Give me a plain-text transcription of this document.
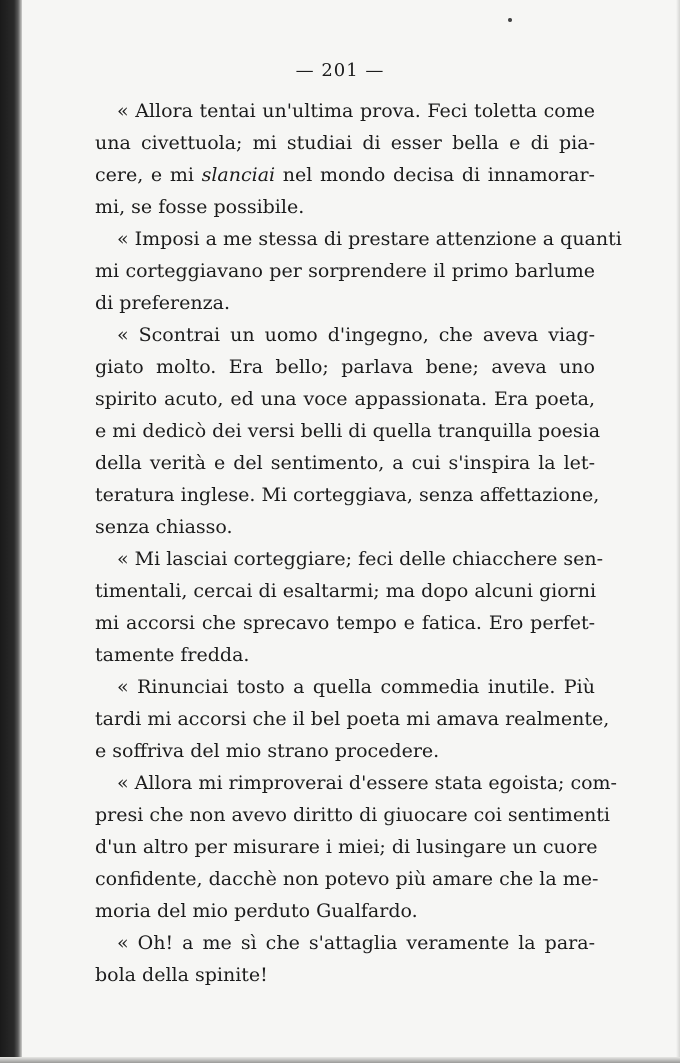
— 201 —
« Allora tentai un'ultima prova. Feci toletta come
una civettuola; mi studiai di esser bella e di pia-
cere, e mi slanciai nel mondo decisa di innamorar-
mi, se fosse possibile.
« Imposi a me stessa di prestare attenzione a quanti
mi corteggiavano per sorprendere il primo barlume
di preferenza.
« Scontrai un uomo d'ingegno, che aveva viag-
giato molto. Era bello; parlava bene; aveva uno
spirito acuto, ed una voce appassionata. Era poeta,
e mi dedicò dei versi belli di quella tranquilla poesia
della verità e del sentimento, a cui s'inspira la let-
teratura inglese. Mi corteggiava, senza affettazione,
senza chiasso.
« Mi lasciai corteggiare; feci delle chiacchere sen-
timentali, cercai di esaltarmi; ma dopo alcuni giorni
mi accorsi che sprecavo tempo e fatica. Ero perfet-
tamente fredda.
« Rinunciai tosto a quella commedia inutile. Più
tardi mi accorsi che il bel poeta mi amava realmente,
e soffriva del mio strano procedere.
« Allora mi rimproverai d'essere stata egoista; com-
presi che non avevo diritto di giuocare coi sentimenti
d'un altro per misurare i miei; di lusingare un cuore
confidente, dacchè non potevo più amare che la me-
moria del mio perduto Gualfardo.
« Oh! a me sì che s'attaglia veramente la para-
bola della spinite!
